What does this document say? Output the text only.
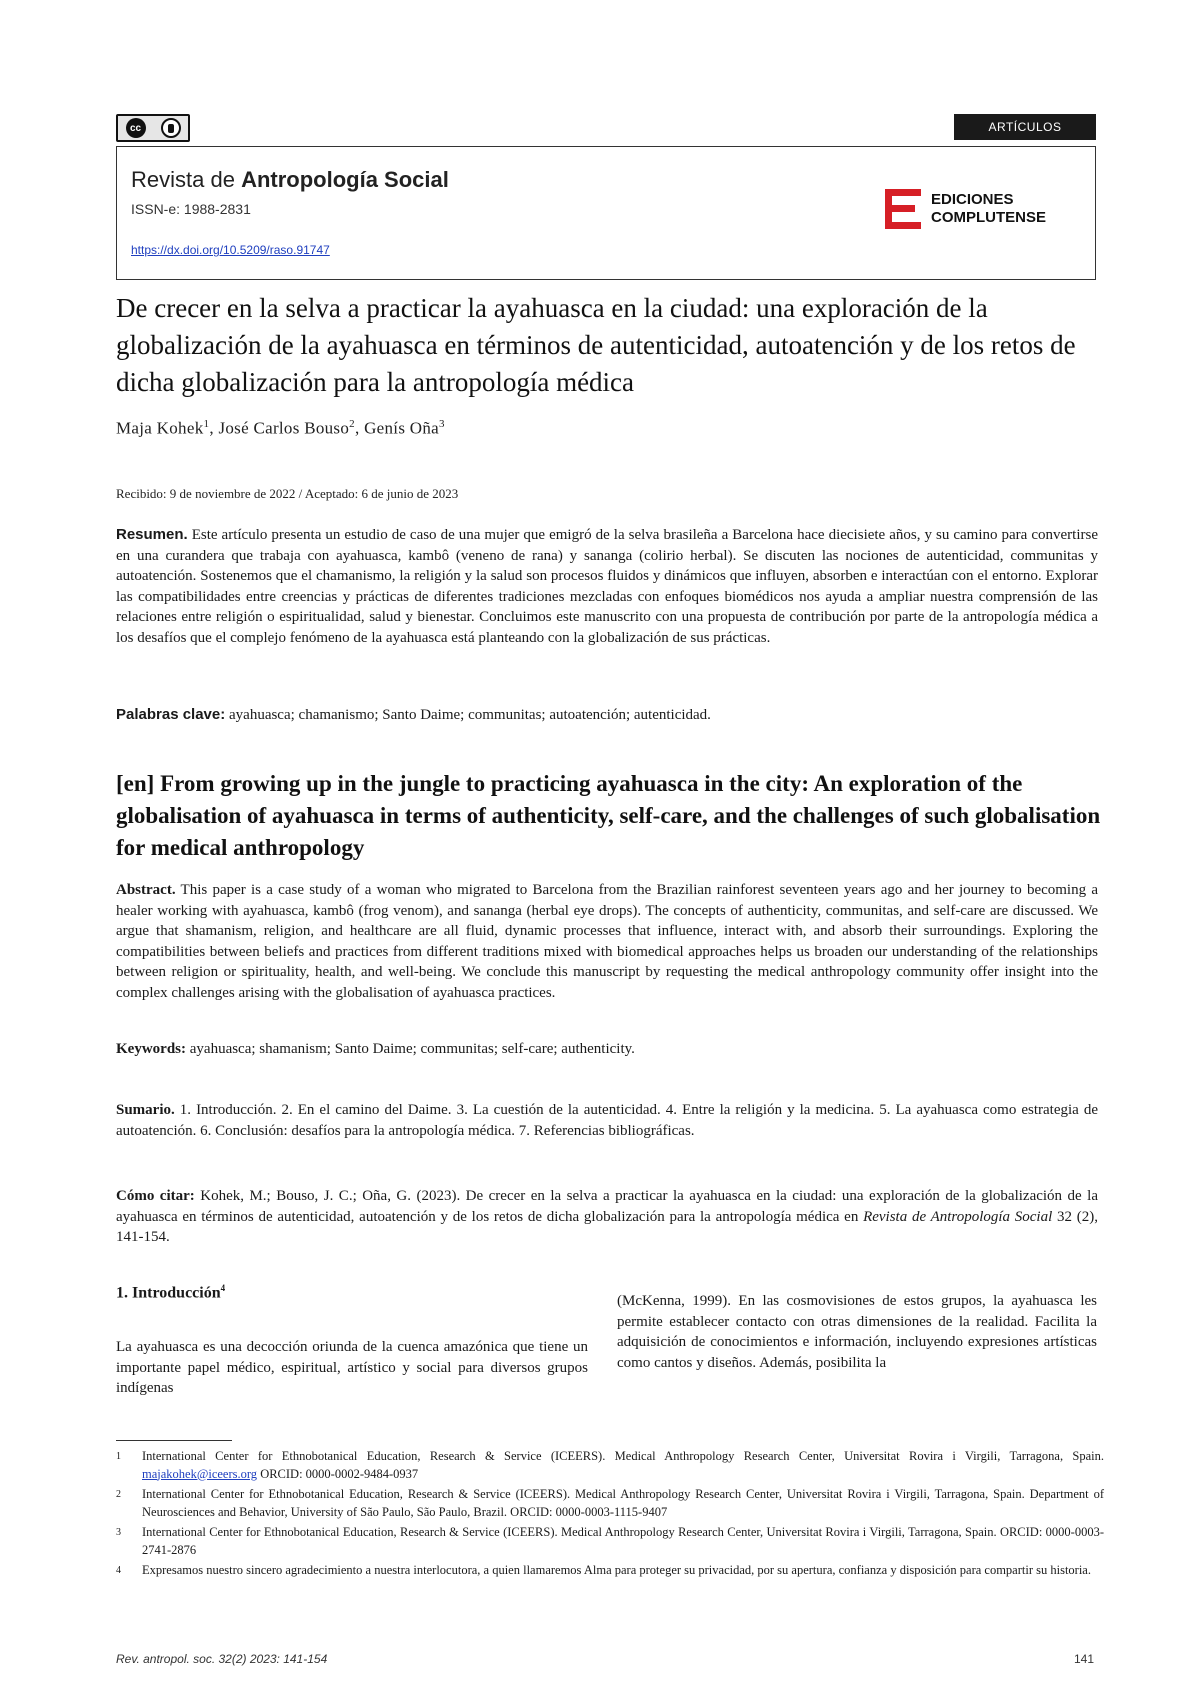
cc	ARTÍCULOS
Revista de Antropología Social
ISSN-e: 1988-2831
https://dx.doi.org/10.5209/raso.91747
EDICIONES
COMPLUTENSE
De crecer en la selva a practicar la ayahuasca en la ciudad: una exploración de la globalización de la ayahuasca en términos de autenticidad, autoatención y de los retos de dicha globalización para la antropología médica
Maja Kohek$^1$, José Carlos Bouso$^2$, Genís Oña$^3$
Recibido: 9 de noviembre de 2022 / Aceptado: 6 de junio de 2023

Resumen. Este artículo presenta un estudio de caso de una mujer que emigró de la selva brasileña a Barcelona hace diecisiete años, y su camino para convertirse en una curandera que trabaja con ayahuasca, kambô (veneno de rana) y sananga (colirio herbal). Se discuten las nociones de autenticidad, communitas y autoatención. Sostenemos que el chamanismo, la religión y la salud son procesos fluidos y dinámicos que influyen, absorben e interactúan con el entorno. Explorar las compatibilidades entre creencias y prácticas de diferentes tradiciones mezcladas con enfoques biomédicos nos ayuda a ampliar nuestra comprensión de las relaciones entre religión o espiritualidad, salud y bienestar. Concluimos este manuscrito con una propuesta de contribución por parte de la antropología médica a los desafíos que el complejo fenómeno de la ayahuasca está planteando con la globalización de sus prácticas.

Palabras clave: ayahuasca; chamanismo; Santo Daime; communitas; autoatención; autenticidad.

[en] From growing up in the jungle to practicing ayahuasca in the city: An exploration of the globalisation of ayahuasca in terms of authenticity, self-care, and the challenges of such globalisation for medical anthropology

Abstract. This paper is a case study of a woman who migrated to Barcelona from the Brazilian rainforest seventeen years ago and her journey to becoming a healer working with ayahuasca, kambô (frog venom), and sananga (herbal eye drops). The concepts of authenticity, communitas, and self-care are discussed. We argue that shamanism, religion, and healthcare are all fluid, dynamic processes that influence, interact with, and absorb their surroundings. Exploring the compatibilities between beliefs and practices from different traditions mixed with biomedical approaches helps us broaden our understanding of the relationships between religion or spirituality, health, and well-being. We conclude this manuscript by requesting the medical anthropology community offer insight into the complex challenges arising with the globalisation of ayahuasca practices.

Keywords: ayahuasca; shamanism; Santo Daime; communitas; self-care; authenticity.

Sumario. 1. Introducción. 2. En el camino del Daime. 3. La cuestión de la autenticidad. 4. Entre la religión y la medicina. 5. La ayahuasca como estrategia de autoatención. 6. Conclusión: desafíos para la antropología médica. 7. Referencias bibliográficas.

Cómo citar: Kohek, M.; Bouso, J. C.; Oña, G. (2023). De crecer en la selva a practicar la ayahuasca en la ciudad: una exploración de la globalización de la ayahuasca en términos de autenticidad, autoatención y de los retos de dicha globalización para la antropología médica en Revista de Antropología Social 32 (2), 141-154.

1. Introducción$^4$

La ayahuasca es una decocción oriunda de la cuenca amazónica que tiene un importante papel médico, espiritual, artístico y social para diversos grupos indígenas

(McKenna, 1999). En las cosmovisiones de estos grupos, la ayahuasca les permite establecer contacto con otras dimensiones de la realidad. Facilita la adquisición de conocimientos e información, incluyendo expresiones artísticas como cantos y diseños. Además, posibilita la

1	International Center for Ethnobotanical Education, Research & Service (ICEERS). Medical Anthropology Research Center, Universitat Rovira i Virgili, Tarragona, Spain. majakohek@iceers.org ORCID: 0000-0002-9484-0937
2	International Center for Ethnobotanical Education, Research & Service (ICEERS). Medical Anthropology Research Center, Universitat Rovira i Virgili, Tarragona, Spain. Department of Neurosciences and Behavior, University of São Paulo, São Paulo, Brazil. ORCID: 0000-0003-1115-9407
3	International Center for Ethnobotanical Education, Research & Service (ICEERS). Medical Anthropology Research Center, Universitat Rovira i Virgili, Tarragona, Spain. ORCID: 0000-0003-2741-2876
4	Expresamos nuestro sincero agradecimiento a nuestra interlocutora, a quien llamaremos Alma para proteger su privacidad, por su apertura, confianza y disposición para compartir su historia.
Rev. antropol. soc. 32(2) 2023: 141-154	141
